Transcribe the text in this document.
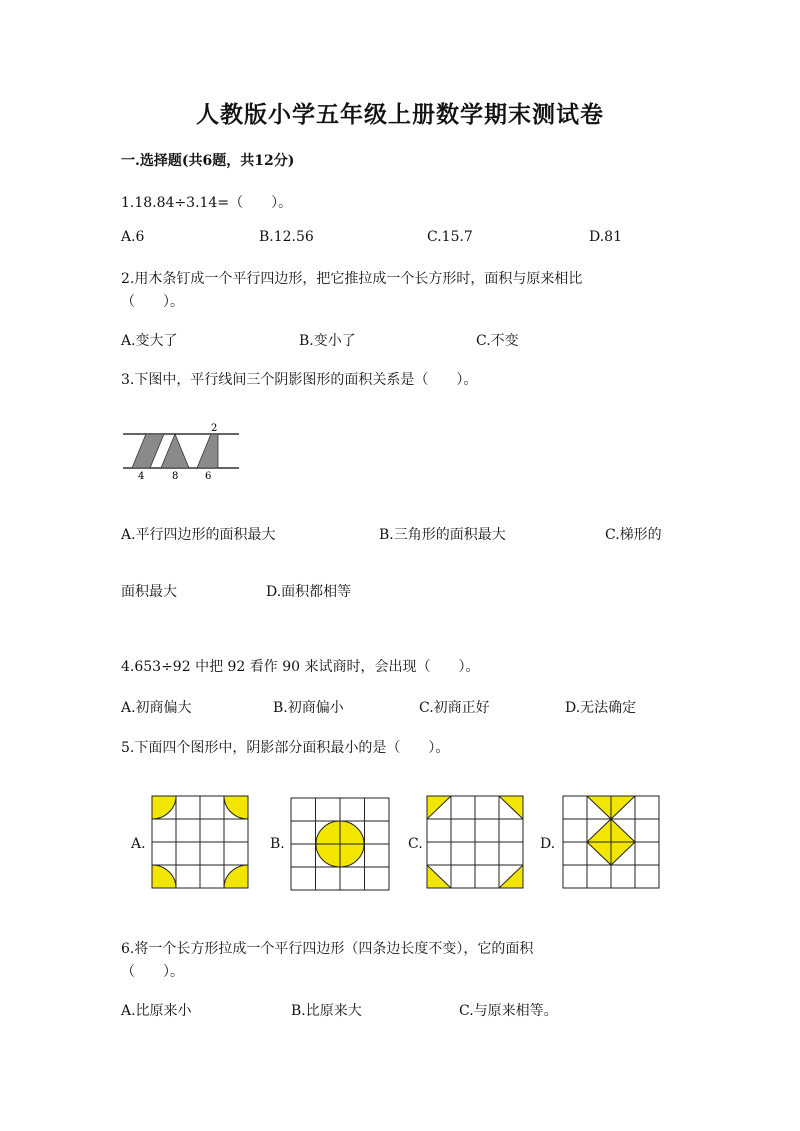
人教版小学五年级上册数学期末测试卷
一.选择题(共6题，共12分)
1.18.84÷3.14=（　　）。
A.6	B.12.56	C.15.7	D.81
2.用木条钉成一个平行四边形，把它推拉成一个长方形时，面积与原来相比
（　　）。
A.变大了	B.变小了	C.不变
3.下图中，平行线间三个阴影图形的面积关系是（　　）。
4	8	6
2
A.平行四边形的面积最大	B.三角形的面积最大	C.梯形的
面积最大	D.面积都相等
4.653÷92 中把 92 看作 90 来试商时，会出现（　　）。
A.初商偏大	B.初商偏小	C.初商正好	D.无法确定
5.下面四个图形中，阴影部分面积最小的是（　　）。
A.	B.	C.	D.
6.将一个长方形拉成一个平行四边形（四条边长度不变），它的面积
（　　）。
A.比原来小	B.比原来大	C.与原来相等。
